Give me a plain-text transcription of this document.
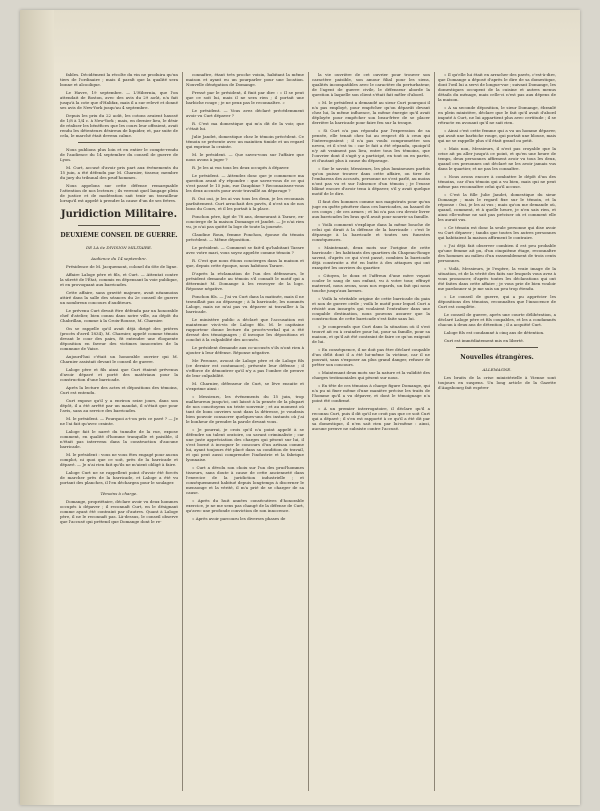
fables. Décidément la récolte du vin ne produira qu'un tiers de l'ordinaire ; mais il paraît que la qualité sera bonne et alcoolique.

Le Havre, 19 septembre. — L'Hibernia, que l'on attendait de Boston, avec des avis du 29 août, n'a fait jusqu'à la cote que d'Halifax, mais il a sur relevé et donné ses avis de New-York jusqu'au 4 septembre.

Depuis les prix du 22 août, les cotons avaient haussé de 1/8 à 1/4 c. à New-York ; mais, en dernier lieu, le désir de réaliser les bénéfices que les cours leur offraient, avait rendu les détenteurs désireux de liquider, et, par suite de cela, le marché était devenu calme.

Nous publions plus loin et en entier le compte-rendu de l'audience du 14 septembre du conseil de guerre de Lyon.

M. Curt, accusé d'avoir pris part aux événements du 15 juin, a été défendu par M. Charnier, tisseur, membre du jury du tribunal des prud'hommes.

Nous appelons sur cette défense remarquable l'attention de nos lecteurs ; ils verront quel langage plein de justice et de modération sait tenir un travailleur lorsqu'il est appelé à prendre la cause d'un de ses frères.

Juridiction Militaire.
DEUXIÈME CONSEIL DE GUERRE.
DE LA 6e DIVISION MILITAIRE.
Audience du 14 septembre.

Présidence de M. Jacquemont, colonel du 68e de ligne.

Affaire Laloge père et fils, et Curt. — Attentat contre la sûreté de l'État, commis en dépensant la voie publique, et en provoquant aux barricades.

Cette affaire, sans gravité majeure, avait néanmoins attiré dans la salle des séances du 2e conseil de guerre un nombreux concours d'auditeurs.

Le prévenu Curt devait être défendu par un honorable chef d'atelier, bien connu dans notre ville, au dépôt du Chabrillan, comme à la Croix-Rousse, M. Charnier.

On se rappelle qu'il avait déjà dirigé des prières (procès d'avril 1834), M. Charnier, appelé comme témoin devant le cour des pairs, fit entendre une éloquente déposition en faveur des victimes innocentes de la commune de Vaise.

Aujourd'hui c'était un honorable ouvrier qui M. Charnier assistait devant le conseil de guerre.

Laloge père et fils ainsi que Curt étaient prévenus d'avoir dépavé et porté des matériaux pour la construction d'une barricade.

Après la lecture des actes et dépositions des témoins, Curt est entendu.

Curt expose qu'il y a environ seize jours, dans son dépôt, il a été arrêté par un mandat, il n'était que pour l'avis, sans au service des barricades.

M. le président. — Pourquoi a-t-on pris ce pavé ? — Je ne l'ai fait qu'avec crainte.

Laloge fait le narré du tumulte de la rue, expose comment, en qualité d'homme tranquille et paisible, il n'était pas intervenu dans la construction d'aucune barricade.

M. le président : vous ne vous êtes engagé pour aucun complot, ni quoi que ce soit, près de la barricade et dépavé. — Je n'ai rien fait qu'ils ne m'aient obligé à faire.

Laloge Curt ne se rappellent point d'avoir été forcés de marcher près de la barricade, et Laloge a été vu portant des planches, il l'en déchargea pour le soulager.

Témoins à charge.

Domange, propriétaire, déclare avoir vu deux hommes occupés à dépaver ; il reconnaît Curt, en le désignant comme ayant été contraint par d'autres. Quant à Laloge père, il ne le reconnaît pas. Là-dessus, le conseil observe que l'accusé qui prétend que Domange dont le re-

connaître, étant très proche voisin, habitant la même maison et ayant eu un pourparler pour une location. Nouvelle dénégation de Domange.

Pressé par le président, il finit par dire : « Il se peut que ce soit lui, mais il ne sera rien ; il portait une barbiche rouge ; je ne peux pas le reconnaître. »

Le président. — Vous avez déclaré précédemment avoir vu Curt dépaver ?

R. C'est ma domestique qui m'a dit de la voir, que c'était lui.

Julie Jandet, domestique chez le témoin précédent. Ce témoin se présente avec un maintien timide et un regard qui exprime la crainte.

M. le président. — Que savez-vous sur l'affaire que nous avons à juger ?

R. Je les ai vus tous les deux occupés à dépaver.

Le président. — Attendez donc que je commence ma question avant d'y répondre : que savez-vous de ce qui s'est passé le 15 juin, rue Dauphine ? Reconnaissez-vous les deux accusés pour avoir travaillé au dépavage ?

R. Oui oui, je les ai vus tous les deux, je les reconnais parfaitement. Curt arrachait des pavés, il n'est un de nos bons du Cours, et il les portait à la place.

Ponchon père, âgé de 78 ans, demeurant à Tarare, ex-concierge de la maison Domange et Jandet. — Je n'ai rien vu, je n'ai pas quitté la loge de toute la journée.

Claudine Roux, femme Ponchon, épouse du témoin précédent. — Même déposition.

Le président. — Comment se fait-il qu'habitant Tarare avec votre mari, vous soyez appelée comme témoin ?

R. C'est que nous étions concierges dans la maison et que, depuis cette époque, nous habitons Tarare.

D'après la réclamation de l'un des défenseurs, le président demande au témoin s'il connaît le motif qui a déterminé M. Domange à les renvoyer de la loge. Réponse négative.

Ponchon fils. — J'ai vu Curt dans la matinée, mais il ne travaillait pas au dépavage ; à la barricade, les nommés Laloge, mais ne m'ai pas vu dépaver ni travailler à la barricade.

Le ministère public a déclaré que l'accusation est maintenue vis-à-vis de Laloge fils. M. le capitaine rapporteur donne lecture du procès-verbal qui a été dressé des témoignages ; il invoque les dépositions et conclut à la culpabilité des accusés.

Le président demande aux co-accusés s'ils n'ont rien à ajouter à leur défense. Réponse négative.

Me Perouze, avocat de Laloge père et de Laloge fils (ce dernier est contumace), présente leur défense ; il s'efforce de démontrer qu'il n'y a pas l'ombre de preuve de leur culpabilité.

M. Charnier, défenseur de Curt, se lève ensuite et s'exprime ainsi :

« Messieurs, les événements du 15 juin, trop malheureux jusqu'ici, ont laissé à la pensée de la plupart de nos concitoyens un triste souvenir ; et au moment où tant de bons ouvriers sont dans la détresse, je voudrais bien pouvoir consacrer quelques-uns des instants où j'ai le bonheur de prendre la parole devant vous.

« Je pourrai, je crois qu'il n'a point appelé à se défendre un talent oratoire, ou savant criminaliste ; car une juste appréciation des charges qui pèsent sur lui, il s'est borné à invoquer le concours d'un artisan comme lui, ayant toujours été placé dans sa condition de travail, et qui peut aussi comprendre l'industrie et la fabrique lyonnaise.

« Curt a dévolu son choix sur l'un des prud'hommes tisseurs, sans doute à cause de cette ancienneté dans l'exercice de la juridiction industrielle ; et conséquemment habitué depuis longtemps à discerner le mensonge et la vérité, il m'a prié de se charger de sa cause.

« Après du huit années consécutives d'honorable exercice, je ne me sens pas changé de la défense de Curt, qu'avec une profonde conviction de son innocence.

« Après avoir parcouru les diverses phases de

la vie ouvrière de cet ouvrier pour trouver son caractère paisible, son amour filial pour les siens, qualités incompatibles avec le caractère du perturbateur, de l'agent de guerre civile, le défenseur aborde la question à laquelle son client s'était fait mêler d'abord.

« M. le président a demandé au sieur Curt pourquoi il n'a pas employé, pour empêcher qu'on dépavât devant chez lui, la même influence, la même énergie qu'il avait déployée pour empêcher son beau-frère de se placer derrière la barricade pour faire feu sur la troupe.

« Si Curt n'a pas répondu par l'expression de sa pensée, elle tenait chez lui au respect dû à ceux qui l'interrogeaient ; il n'a pas voulu compromettre son neveu, et il s'est tu : car le fait a été répandu, quoiqu'il n'y ait vraiment pas lieu, entre tous les témoins, que l'ouvrier dont il s'agit y a participé, en tout ou en partie, et d'autant plus à cause du dépavage.

« Sur le savoir, Messieurs, les plus lumineuses parfois qu'on puisse trouver dans cette affaire, on tirer de l'embarras des accusés, personne ne s'est parlé, au moins n'ont pas vu et sur l'absence d'un témoin ; je l'eusse blâmé encore d'avoir tenu à dépaver, s'il y avait quelque motif de le dire.

Il faut des hommes comme nos magistrats pour qu'un juge en quête pénétrer dans ces barricades, au hasard de ces coups ; de ces armes ; et lui n'a pas cru devoir livrer aux barricades les bras qu'il avait pour nourrir sa famille.

« Voilà comment s'explique dans la même bouche de celui qui dirait à la défense de la barricade : c'est le dépavage à la barricade et toutes ses funestes conséquences.

« Maintenant, deux mots sur l'origine de cette barricade : les habitants des quartiers du Chapeau-Rouge savent, d'après ce qui s'est passé, combien la barricade déjà construite a été en butte à des attaques qui ont exaspéré les ouvriers du quartier.

« Citoyen, le doux et l'affreux d'une mère voyant couler le sang de son enfant, vu à votre tour, effrayé maternel, nous avons, sous nos regards, un fait qui nous touche jusqu'aux larmes.

« Voilà la véritable origine de cette barricade du pain et non de guerre civile ; voilà le motif pour lequel Curt a résisté aux insurgés qui voulaient l'entraîner dans une coupable destination, nous pouvons assurer que la construction de cette barricade s'est faite sans lui.

« Je comprends que Curt dans la situation où il s'est trouvé ait eu à craindre pour lui, pour sa famille, pour sa maison, et qu'il ait été contraint de faire ce qu'on exigeait de lui.

« En conséquence, il ne doit pas être déclaré coupable d'un délit dont il a été lui-même la victime, car il ne pouvait, sans s'exposer au plus grand danger, refuser de prêter son concours.

« Maintenant deux mots sur la nature et la validité des charges testimoniales qui pèsent sur nous.

« En tête de ces témoins à charge figure Domange, qui n'a pu ni fixer même d'une manière précise les traits de l'homme qu'il a vu dépaver, et dont le témoignage n'a point été confirmé.

« A un premier interrogatoire, il déclare qu'il a reconnu Curt, puis il dit qu'il ne croit pas que ce soit Curt qui a dépavé ; il s'en est rapporté à ce qu'il a été dit par sa domestique, il n'en sait rien par lui-même : ainsi, aucune preuve ne subsiste contre l'accusé.

« Il qu'elle lui était en arracher des pavés, c'est-à-dire, que Domange a déposé d'après le dire de sa domestique, dont l'œil lui a servi de longue-vue ; suivant Domange, les domestiques occupent de la cuisine et autres menus détails du ménage, mais celle-ci n'est pas aux dépens de la maison.

« A sa seconde déposition, le sieur Domange, ébranlé en plein ministère, déclare que le fait qu'il avait d'abord imputé à Curt, ne lui appartient plus avec certitude ; il se rétracte en avouant qu'il ne sait rien.

« Ainsi c'est cette femme qui a vu un homme dépaver, qui avait une barbiche rouge, qui portait une blouse, mais qui ne se rappelle plus s'il était grand ou petit.

« Mais non, Messieurs, il n'est pas croyable que la crise ait pu aller jusqu'à ce point, et qu'en une heure de temps, deux personnes affirment avoir vu tous les deux, quand ces personnes ont déclaré ne les avoir jamais vus dans le quartier, et ne pas les connaître.

« Nous avons encore à combattre le dépôt d'un des témoins, car d'un témoin qui a vu bien, mais qui ne peut même pas reconnaître celui qu'il accuse.

« C'est la fille Julie Jandet, domestique du sieur Domange ; mais le regard fixe sur le témoin, et la réponse : Oui, je les ai vus ; mais qu'on me demande où, quand, comment, et à quelle heure, je n'en sais rien, et ainsi elle-même ne sait pas préciser où et comment elle les aurait vus.

« Ce témoin est donc la seule personne qui dise avoir vu Curt dépaver ; tandis que toutes les autres personnes qui habitaient la maison affirment le contraire.

« J'ai déjà fait observer combien il est peu probable qu'une femme ait pu, d'un cinquième étage, reconnaître des hommes au milieu d'un rassemblement de trois cents personnes.

« Voilà, Messieurs, je l'espère, la vraie image de la situation, et de la vérité des faits sur lesquels vous avez à vous prononcer, d'après toutes les déclarations qui ont été faites dans cette affaire ; je vous prie de bien vouloir me pardonner si je me suis un peu trop étendu.

« Le conseil de guerre, qui a pu apprécier les dépositions des témoins, reconnaîtra que l'innocence de Curt est complète.

Le conseil de guerre, après une courte délibération, a déclaré Laloge père et fils coupables, et les a condamnés chacun à deux ans de détention ; il a acquitté Curt.

Laloge fils est condamné à cinq ans de détention.

Curt est immédiatement mis en liberté.

Nouvelles étrangères.
ALLEMAGNE.

Les bruits de la crise ministérielle à Vienne sont toujours en suspens. Un long article de la Gazette d'Augsbourg fait espérer
